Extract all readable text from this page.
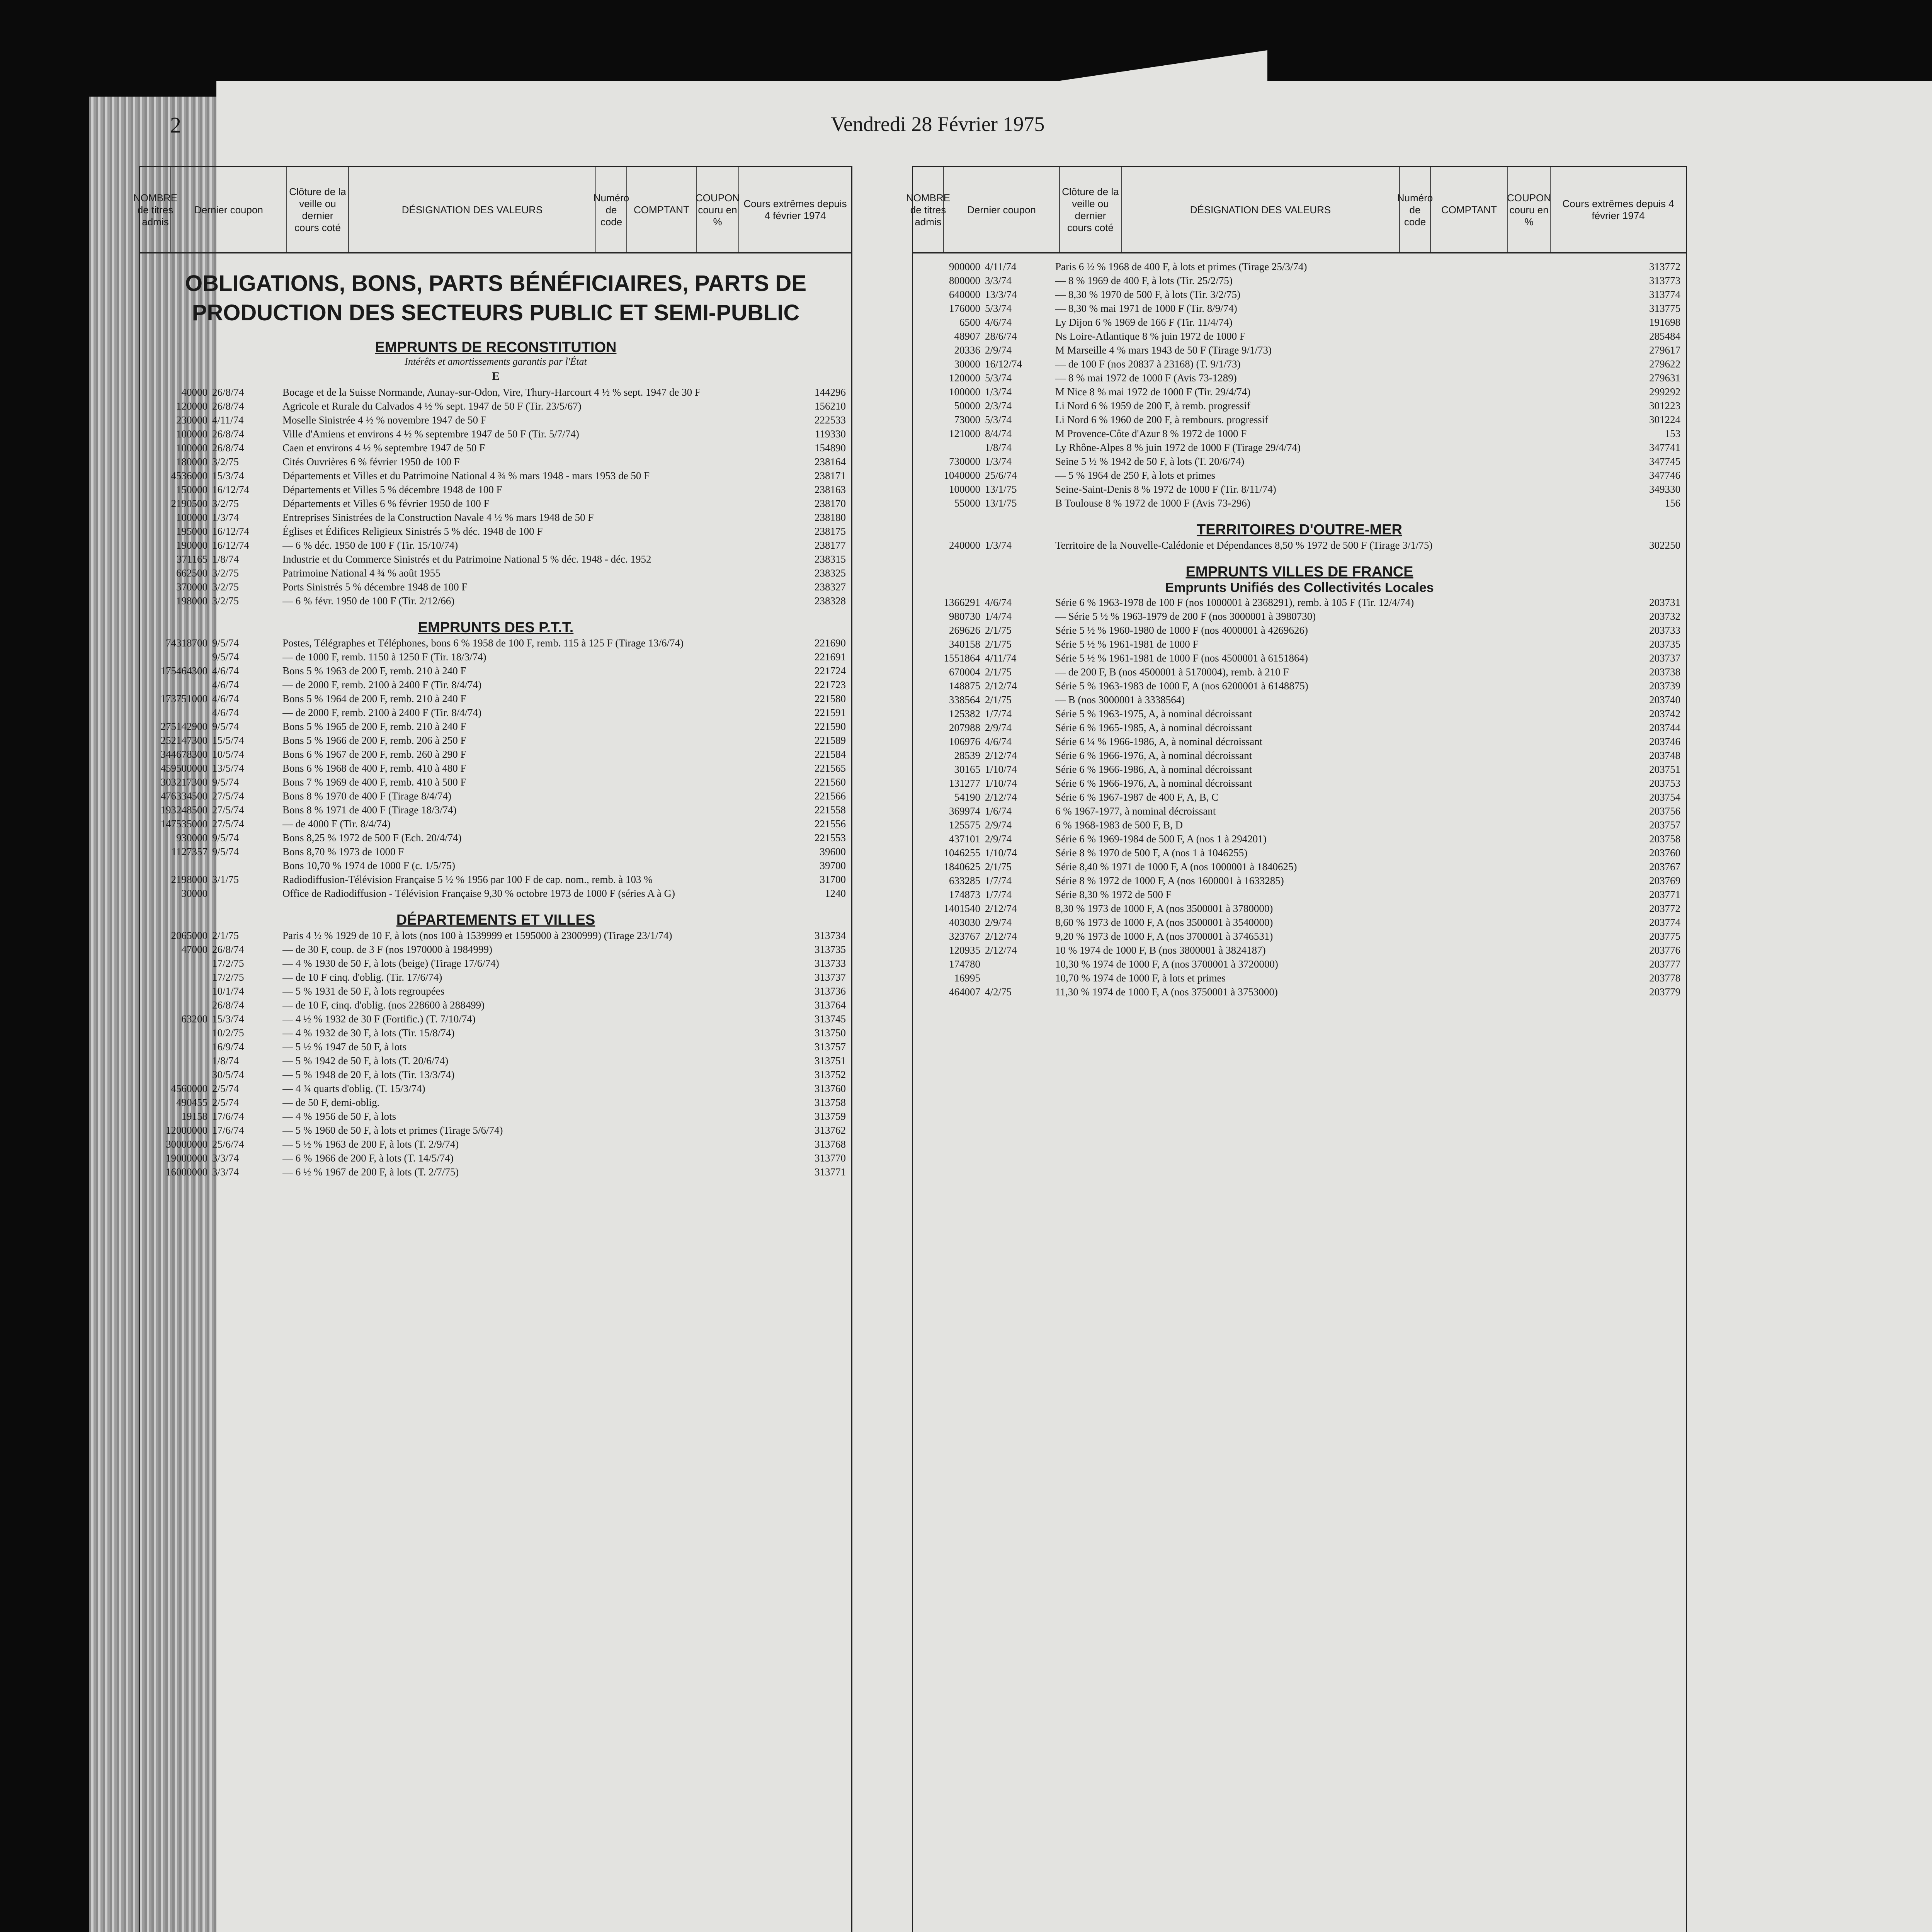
2	Vendredi 28 Février 1975
NOMBRE de titres admis
Dernier coupon
Clôture de la veille ou dernier cours coté
DÉSIGNATION DES VALEURS
Numéro de code
COMPTANT
COUPON couru en %
Cours extrêmes depuis 4 février 1974
OBLIGATIONS, BONS, PARTS BÉNÉFICIAIRES, PARTS DE PRODUCTION DES SECTEURS PUBLIC ET SEMI-PUBLIC
EMPRUNTS DE RECONSTITUTION
Intérêts et amortissements garantis par l'État
E
40000 26/8/74	Bocage et de la Suisse Normande, Aunay-sur-Odon, Vire, Thury-Harcourt 4 ½ % sept. 1947 de 30 F	144296
120000 26/8/74	Agricole et Rurale du Calvados 4 ½ % sept. 1947 de 50 F (Tir. 23/5/67)	156210
230000 4/11/74	Moselle Sinistrée 4 ½ % novembre 1947 de 50 F	222533
100000 26/8/74	Ville d'Amiens et environs 4 ½ % septembre 1947 de 50 F (Tir. 5/7/74)	119330
100000 26/8/74	Caen et environs 4 ½ % septembre 1947 de 50 F	154890
180000 3/2/75	Cités Ouvrières 6 % février 1950 de 100 F	238164
4536000 15/3/74	Départements et Villes et du Patrimoine National 4 ¾ % mars 1948 - mars 1953 de 50 F	238171
150000 16/12/74	Départements et Villes 5 % décembre 1948 de 100 F	238163
2190500 3/2/75	Départements et Villes 6 % février 1950 de 100 F	238170
100000 1/3/74	Entreprises Sinistrées de la Construction Navale 4 ½ % mars 1948 de 50 F	238180
195000 16/12/74	Églises et Édifices Religieux Sinistrés 5 % déc. 1948 de 100 F	238175
190000 16/12/74	— 6 % déc. 1950 de 100 F (Tir. 15/10/74)	238177
371165 1/8/74	Industrie et du Commerce Sinistrés et du Patrimoine National 5 % déc. 1948 - déc. 1952	238315
662500 3/2/75	Patrimoine National 4 ¾ % août 1955	238325
370000 3/2/75	Ports Sinistrés 5 % décembre 1948 de 100 F	238327
198000 3/2/75	— 6 % févr. 1950 de 100 F (Tir. 2/12/66)	238328
EMPRUNTS DES P.T.T.
74318700 9/5/74	Postes, Télégraphes et Téléphones, bons 6 % 1958 de 100 F, remb. 115 à 125 F (Tirage 13/6/74)	221690
9/5/74	— de 1000 F, remb. 1150 à 1250 F (Tir. 18/3/74)	221691
175464300 4/6/74	Bons 5 % 1963 de 200 F, remb. 210 à 240 F	221724
4/6/74	— de 2000 F, remb. 2100 à 2400 F (Tir. 8/4/74)	221723
173751000 4/6/74	Bons 5 % 1964 de 200 F, remb. 210 à 240 F	221580
4/6/74	— de 2000 F, remb. 2100 à 2400 F (Tir. 8/4/74)	221591
275142900 9/5/74	Bons 5 % 1965 de 200 F, remb. 210 à 240 F	221590
252147300 15/5/74	Bons 5 % 1966 de 200 F, remb. 206 à 250 F	221589
344678300 10/5/74	Bons 6 % 1967 de 200 F, remb. 260 à 290 F	221584
459500000 13/5/74	Bons 6 % 1968 de 400 F, remb. 410 à 480 F	221565
303217300 9/5/74	Bons 7 % 1969 de 400 F, remb. 410 à 500 F	221560
476334500 27/5/74	Bons 8 % 1970 de 400 F (Tirage 8/4/74)	221566
193248500 27/5/74	Bons 8 % 1971 de 400 F (Tirage 18/3/74)	221558
147535000 27/5/74	— de 4000 F (Tir. 8/4/74)	221556
930000 9/5/74	Bons 8,25 % 1972 de 500 F (Ech. 20/4/74)	221553
1127357 9/5/74	Bons 8,70 % 1973 de 1000 F	39600
Bons 10,70 % 1974 de 1000 F (c. 1/5/75)	39700
2198000 3/1/75	Radiodiffusion-Télévision Française 5 ½ % 1956 par 100 F de cap. nom., remb. à 103 %	31700
30000	Office de Radiodiffusion - Télévision Française 9,30 % octobre 1973 de 1000 F (séries A à G)	1240
DÉPARTEMENTS ET VILLES
2065000 2/1/75	Paris 4 ½ % 1929 de 10 F, à lots (nos 100 à 1539999 et 1595000 à 2300999) (Tirage 23/1/74)	313734
47000 26/8/74	— de 30 F, coup. de 3 F (nos 1970000 à 1984999)	313735
17/2/75	— 4 % 1930 de 50 F, à lots (beige) (Tirage 17/6/74)	313733
17/2/75	— de 10 F cinq. d'oblig. (Tir. 17/6/74)	313737
10/1/74	— 5 % 1931 de 50 F, à lots regroupées	313736
26/8/74	— de 10 F, cinq. d'oblig. (nos 228600 à 288499)	313764
63200 15/3/74	— 4 ½ % 1932 de 30 F (Fortific.) (T. 7/10/74)	313745
10/2/75	— 4 % 1932 de 30 F, à lots (Tir. 15/8/74)	313750
16/9/74	— 5 ½ % 1947 de 50 F, à lots	313757
1/8/74	— 5 % 1942 de 50 F, à lots (T. 20/6/74)	313751
30/5/74	— 5 % 1948 de 20 F, à lots (Tir. 13/3/74)	313752
4560000 2/5/74	— 4 ¾ quarts d'oblig. (T. 15/3/74)	313760
490455 2/5/74	— de 50 F, demi-oblig.	313758
19158 17/6/74	— 4 % 1956 de 50 F, à lots	313759
12000000 17/6/74	— 5 % 1960 de 50 F, à lots et primes (Tirage 5/6/74)	313762
30000000 25/6/74	— 5 ½ % 1963 de 200 F, à lots (T. 2/9/74)	313768
19000000 3/3/74	— 6 % 1966 de 200 F, à lots (T. 14/5/74)	313770
16000000 3/3/74	— 6 ½ % 1967 de 200 F, à lots (T. 2/7/75)	313771
NOMBRE de titres admis
Dernier coupon
Clôture de la veille ou dernier cours coté
DÉSIGNATION DES VALEURS
Numéro de code
COMPTANT
COUPON couru en %
Cours extrêmes depuis 4 février 1974
900000 4/11/74	Paris 6 ½ % 1968 de 400 F, à lots et primes (Tirage 25/3/74)	313772
800000 3/3/74	— 8 % 1969 de 400 F, à lots (Tir. 25/2/75)	313773
640000 13/3/74	— 8,30 % 1970 de 500 F, à lots (Tir. 3/2/75)	313774
176000 5/3/74	— 8,30 % mai 1971 de 1000 F (Tir. 8/9/74)	313775
6500 4/6/74	Ly Dijon 6 % 1969 de 166 F (Tir. 11/4/74)	191698
48907 28/6/74	Ns Loire-Atlantique 8 % juin 1972 de 1000 F	285484
20336 2/9/74	M Marseille 4 % mars 1943 de 50 F (Tirage 9/1/73)	279617
30000 16/12/74	— de 100 F (nos 20837 à 23168) (T. 9/1/73)	279622
120000 5/3/74	— 8 % mai 1972 de 1000 F (Avis 73-1289)	279631
100000 1/3/74	M Nice 8 % mai 1972 de 1000 F (Tir. 29/4/74)	299292
50000 2/3/74	Li Nord 6 % 1959 de 200 F, à remb. progressif	301223
73000 5/3/74	Li Nord 6 % 1960 de 200 F, à rembours. progressif	301224
121000 8/4/74	M Provence-Côte d'Azur 8 % 1972 de 1000 F	153
1/8/74	Ly Rhône-Alpes 8 % juin 1972 de 1000 F (Tirage 29/4/74)	347741
730000 1/3/74	Seine 5 ½ % 1942 de 50 F, à lots (T. 20/6/74)	347745
1040000 25/6/74	— 5 % 1964 de 250 F, à lots et primes	347746
100000 13/1/75	Seine-Saint-Denis 8 % 1972 de 1000 F (Tir. 8/11/74)	349330
55000 13/1/75	B Toulouse 8 % 1972 de 1000 F (Avis 73-296)	156
TERRITOIRES D'OUTRE-MER
240000 1/3/74	Territoire de la Nouvelle-Calédonie et Dépendances 8,50 % 1972 de 500 F (Tirage 3/1/75)	302250
EMPRUNTS VILLES DE FRANCE
Emprunts Unifiés des Collectivités Locales
1366291 4/6/74	Série 6 % 1963-1978 de 100 F (nos 1000001 à 2368291), remb. à 105 F (Tir. 12/4/74)	203731
980730 1/4/74	— Série 5 ½ % 1963-1979 de 200 F (nos 3000001 à 3980730)	203732
269626 2/1/75	Série 5 ½ % 1960-1980 de 1000 F (nos 4000001 à 4269626)	203733
340158 2/1/75	Série 5 ½ % 1961-1981 de 1000 F	203735
1551864 4/11/74	Série 5 ½ % 1961-1981 de 1000 F (nos 4500001 à 6151864)	203737
670004 2/1/75	— de 200 F, B (nos 4500001 à 5170004), remb. à 210 F	203738
148875 2/12/74	Série 5 % 1963-1983 de 1000 F, A (nos 6200001 à 6148875)	203739
338564 2/1/75	— B (nos 3000001 à 3338564)	203740
125382 1/7/74	Série 5 % 1963-1975, A, à nominal décroissant	203742
207988 2/9/74	Série 6 % 1965-1985, A, à nominal décroissant	203744
106976 4/6/74	Série 6 ¼ % 1966-1986, A, à nominal décroissant	203746
28539 2/12/74	Série 6 % 1966-1976, A, à nominal décroissant	203748
30165 1/10/74	Série 6 % 1966-1986, A, à nominal décroissant	203751
131277 1/10/74	Série 6 % 1966-1976, A, à nominal décroissant	203753
54190 2/12/74	Série 6 % 1967-1987 de 400 F, A, B, C	203754
369974 1/6/74	6 % 1967-1977, à nominal décroissant	203756
125575 2/9/74	6 % 1968-1983 de 500 F, B, D	203757
437101 2/9/74	Série 6 % 1969-1984 de 500 F, A (nos 1 à 294201)	203758
1046255 1/10/74	Série 8 % 1970 de 500 F, A (nos 1 à 1046255)	203760
1840625 2/1/75	Série 8,40 % 1971 de 1000 F, A (nos 1000001 à 1840625)	203767
633285 1/7/74	Série 8 % 1972 de 1000 F, A (nos 1600001 à 1633285)	203769
174873 1/7/74	Série 8,30 % 1972 de 500 F	203771
1401540 2/12/74	8,30 % 1973 de 1000 F, A (nos 3500001 à 3780000)	203772
403030 2/9/74	8,60 % 1973 de 1000 F, A (nos 3500001 à 3540000)	203774
323767 2/12/74	9,20 % 1973 de 1000 F, A (nos 3700001 à 3746531)	203775
120935 2/12/74	10 % 1974 de 1000 F, B (nos 3800001 à 3824187)	203776
174780	10,30 % 1974 de 1000 F, A (nos 3700001 à 3720000)	203777
16995	10,70 % 1974 de 1000 F, à lots et primes	203778
464007 4/2/75	11,30 % 1974 de 1000 F, A (nos 3750001 à 3753000)	203779
